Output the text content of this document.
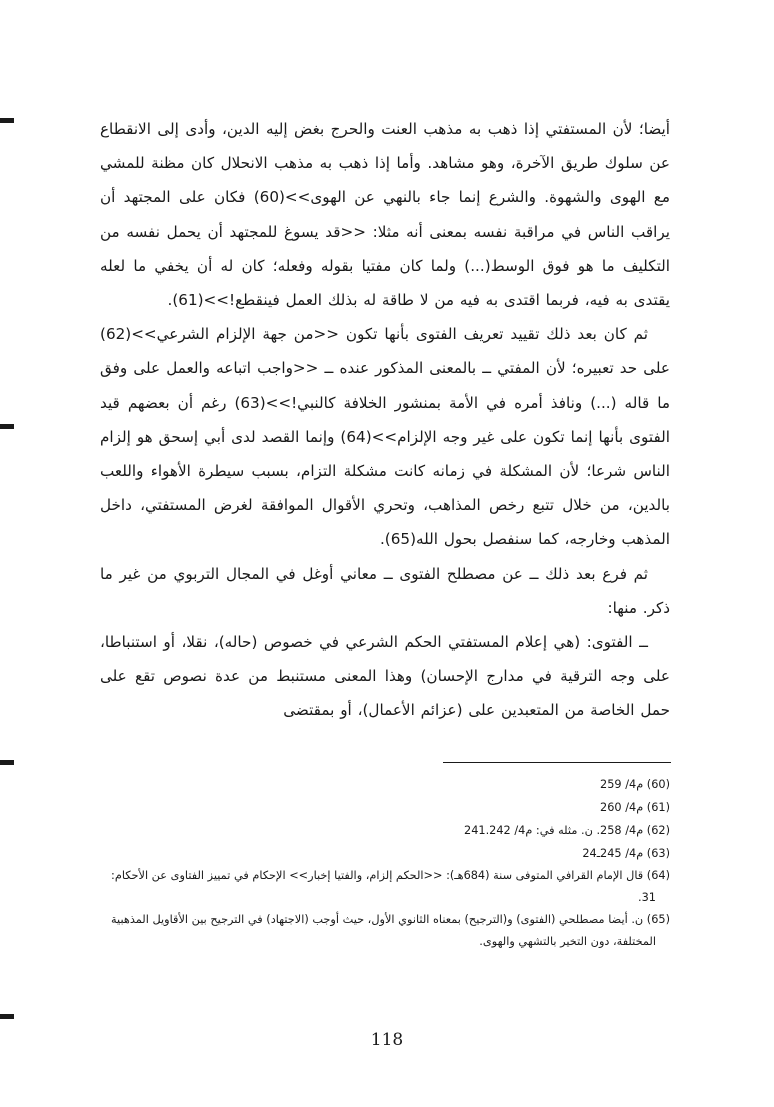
أيضا؛ لأن المستفتي إذا ذهب به مذهب العنت والحرج بغض إليه الدين، وأدى إلى الانقطاع عن سلوك طريق الآخرة، وهو مشاهد. وأما إذا ذهب به مذهب الانحلال كان مظنة للمشي مع الهوى والشهوة. والشرع إنما جاء بالنهي عن الهوى>>(60) فكان على المجتهد أن يراقب الناس في مراقبة نفسه بمعنى أنه مثلا: <<قد يسوغ للمجتهد أن يحمل نفسه من التكليف ما هو فوق الوسط(...) ولما كان مفتيا بقوله وفعله؛ كان له أن يخفي ما لعله يقتدى به فيه، فربما اقتدى به فيه من لا طاقة له بذلك العمل فينقطع!>>(61).

ثم كان بعد ذلك تقييد تعريف الفتوى بأنها تكون <<من جهة الإلزام الشرعي>>(62) على حد تعبيره؛ لأن المفتي ــ بالمعنى المذكور عنده ــ <<واجب اتباعه والعمل على وفق ما قاله (...) ونافذ أمره في الأمة بمنشور الخلافة كالنبي!>>(63) رغم أن بعضهم قيد الفتوى بأنها إنما تكون على غير وجه الإلزام>>(64) وإنما القصد لدى أبي إسحق هو إلزام الناس شرعا؛ لأن المشكلة في زمانه كانت مشكلة التزام، بسبب سيطرة الأهواء واللعب بالدين، من خلال تتبع رخص المذاهب، وتحري الأقوال الموافقة لغرض المستفتي، داخل المذهب وخارجه، كما سنفصل بحول الله(65).

ثم فرع بعد ذلك ــ عن مصطلح الفتوى ــ معاني أوغل في المجال التربوي من غير ما ذكر. منها:

ــ الفتوى: (هي إعلام المستفتي الحكم الشرعي في خصوص (حاله)، نقلا، أو استنباطا، على وجه الترقية في مدارج الإحسان) وهذا المعنى مستنبط من عدة نصوص تقع على حمل الخاصة من المتعبدين على (عزائم الأعمال)، أو بمقتضى

(60) م4/ 259

(61) م4/ 260

(62) م4/ 258. ن. مثله في: م4/ 241.242

(63) م4/ 245ـ24

(64) قال الإمام القرافي المتوفى سنة (684هـ): <<الحكم إلزام، والفتيا إخبار>> الإحكام في تمييز الفتاوى عن الأحكام: 31.

(65) ن. أيضا مصطلحي (الفتوى) و(الترجيح) بمعناه الثانوي الأول، حيث أوجب (الاجتهاد) في الترجيح بين الأقاويل المذهبية المختلفة، دون التخير بالتشهي والهوى.

118
